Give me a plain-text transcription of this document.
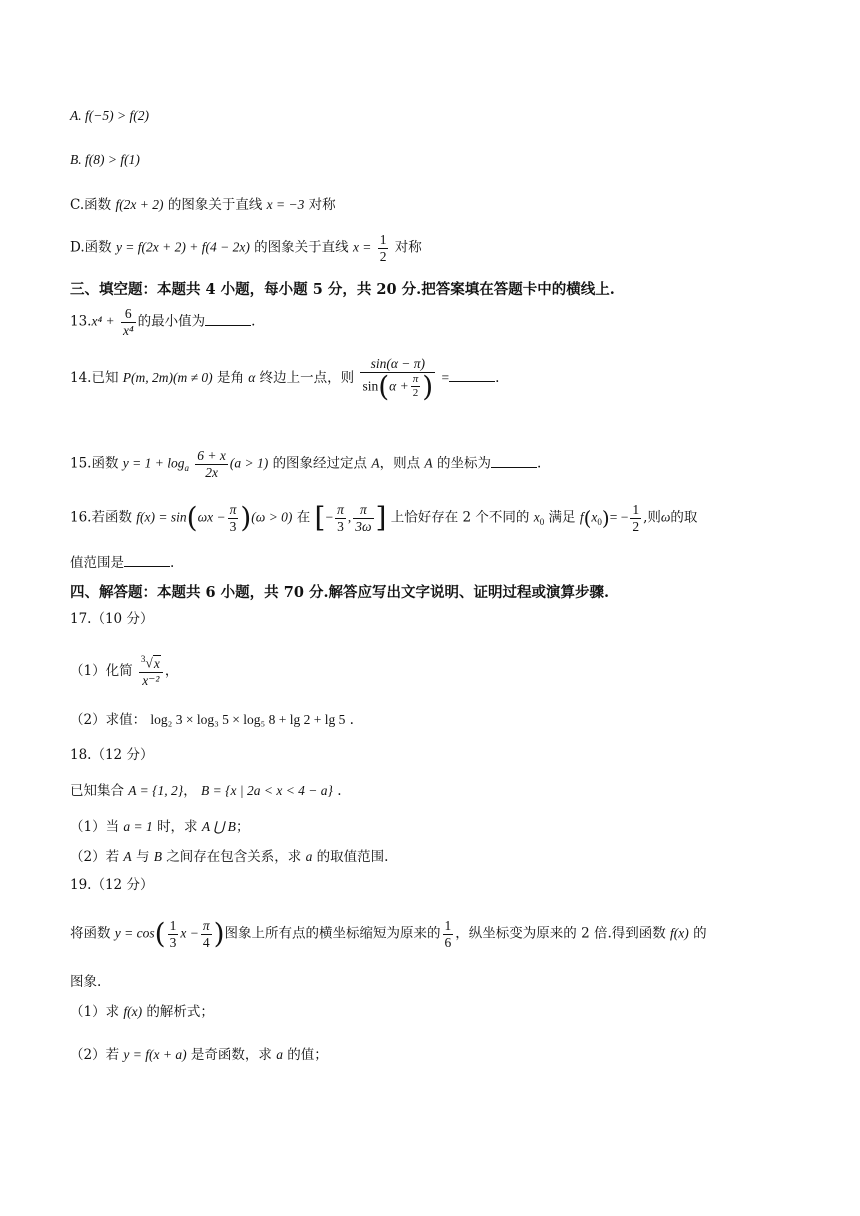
A. f(−5) > f(2)
B. f(8) > f(1)
C.函数 f(2x + 2) 的图象关于直线 x = −3 对称
D.函数 y = f(2x + 2) + f(4 − 2x) 的图象关于直线 $x = \frac{1}{2}$ 对称
三、填空题：本题共 4 小题，每小题 5 分，共 20 分.把答案填在答题卡中的横线上.
$13.x^4 + \frac{6}{\text{x⁴}}$ 的最小值为	.
14.已知 P(m, 2m)(m ≠ 0) 是角 α 终边上一点，则 $\frac{\sin(\alpha - \pi)}{\sin(\alpha + \frac{\pi}{2} )}$ =	.
15.函数 $y = 1 + \log_a \frac{6 + x}{2x} (a > 1)$ 的图象经过定点 A，则点 A 的坐标为	.
16.若函数 $f(x) = \sin(\omega x - \frac{\pi}{3} )(\omega > 0)$ 在 [− $\frac{\pi}{3}$ , $\frac{\pi}{3\omega}$ ] 上恰好存在 2 个不同的 $x_0$ 满足 $f(x_0)= - \frac{1}{2}$ ,则ω的取
值范围是	.
四、解答题：本题共 6 小题，共 70 分.解答应写出文字说明、证明过程或演算步骤.
17.（10 分）
（1）化简 $\frac{^3√x}{\text{x⁻²}}$ ，
（2）求值： log₂ 3 × log₃ 5 × log₅ 8 + lg 2 + lg 5 .
18.（12 分）
已知集合 A = {1, 2}， B = {x | 2a < x < 4 − a} .
（1）当 a = 1 时，求 A ⋃ B；
（2）若 A 与 B 之间存在包含关系，求 a 的取值范围.
19.（12 分）
将函数 $y = \cos( \frac{1}{3}$ $x - \frac{\pi}{4}$ )图象上所有点的横坐标缩短为原来的 $\frac{1}{6}$ ，纵坐标变为原来的 2 倍.得到函数 f(x) 的
图象.
（1）求 f(x) 的解析式；
（2）若 y = f(x + a) 是奇函数，求 a 的值；
